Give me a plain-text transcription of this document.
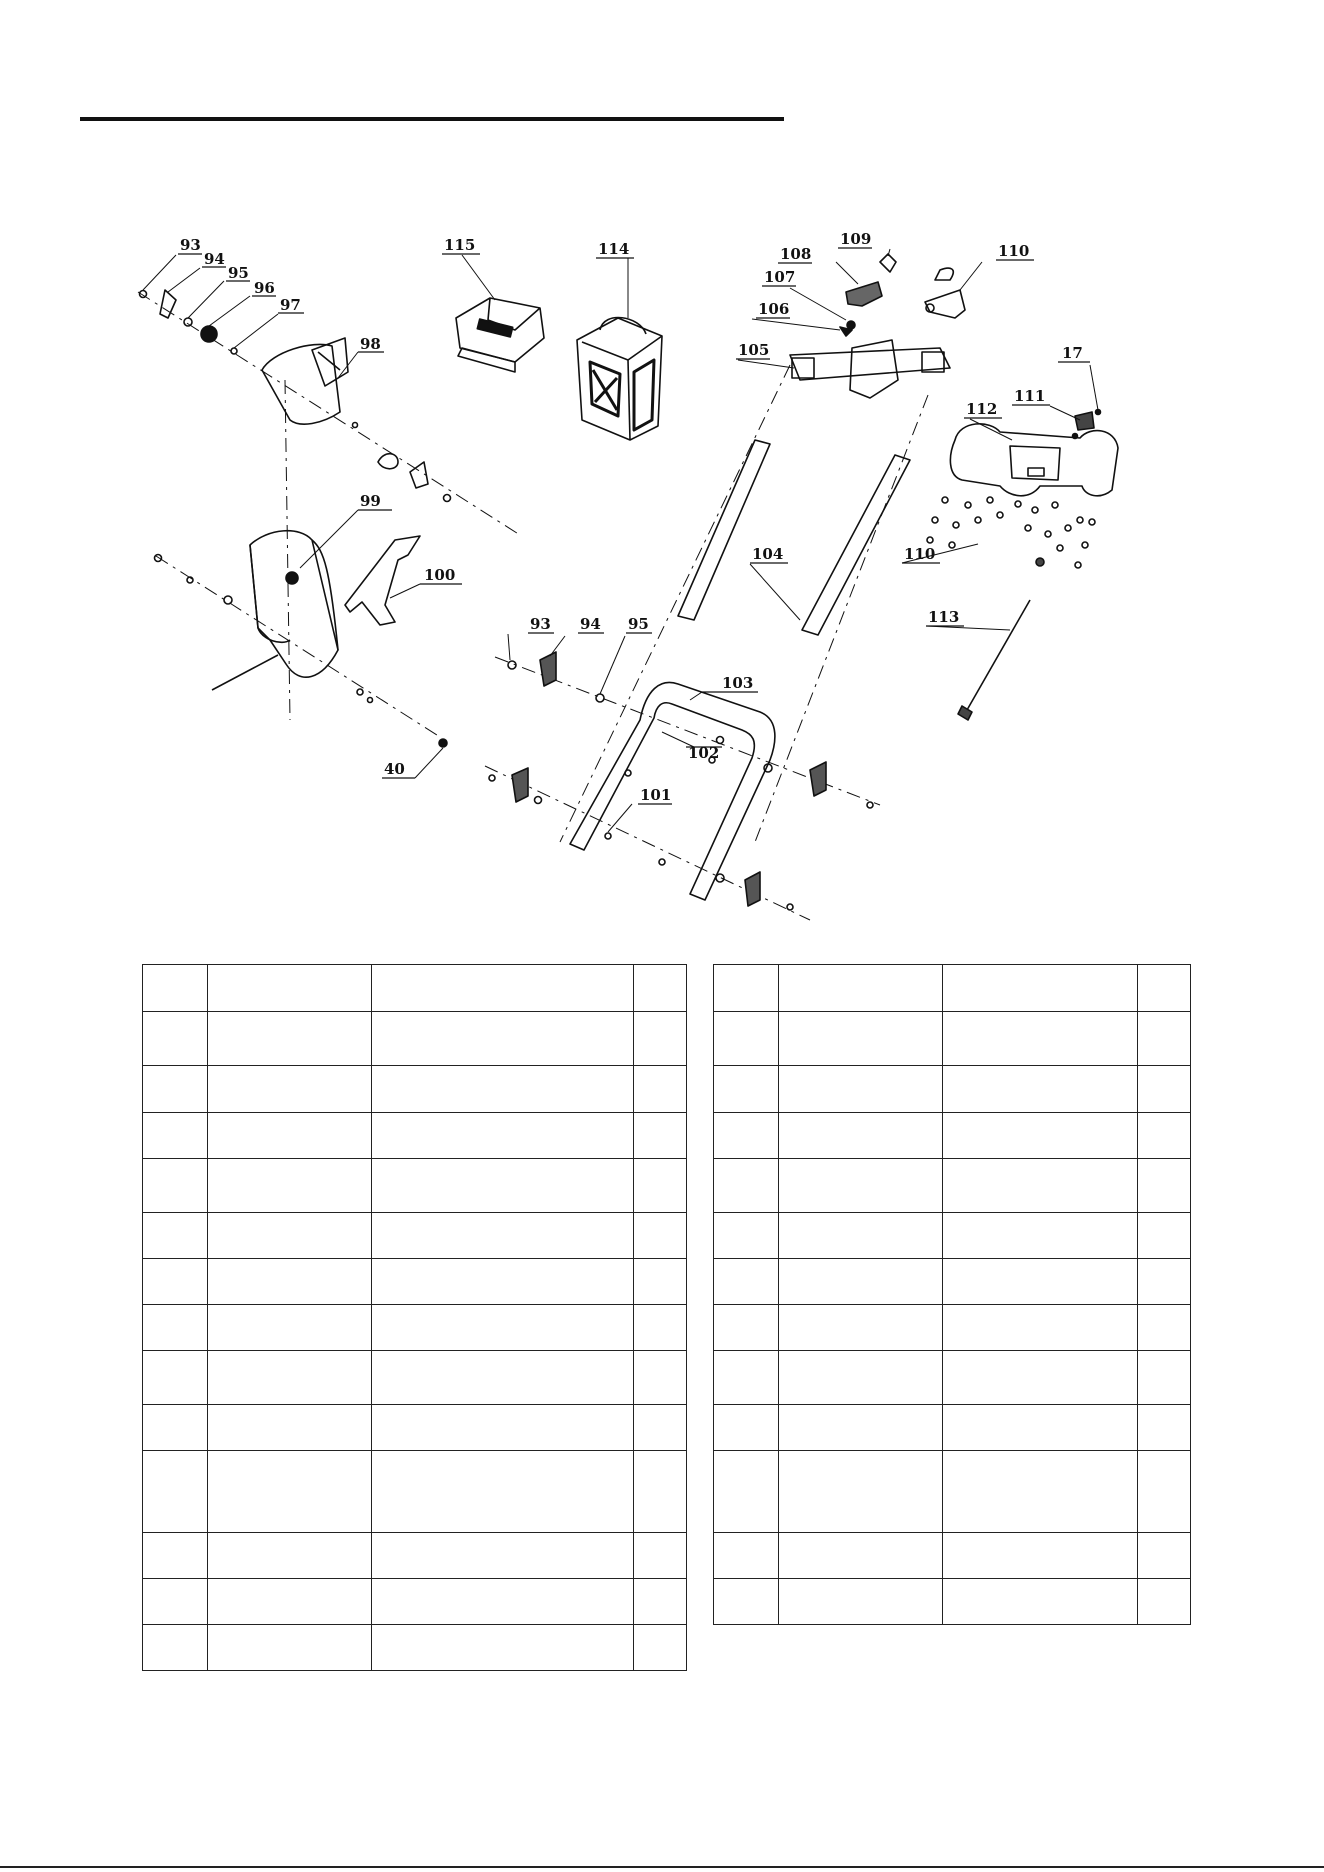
93
94
95
96
97
98
99
100
40
115	114
109
108
107
106
105
110
17
111
112
104	110
113
93 94 95
103
102
101
